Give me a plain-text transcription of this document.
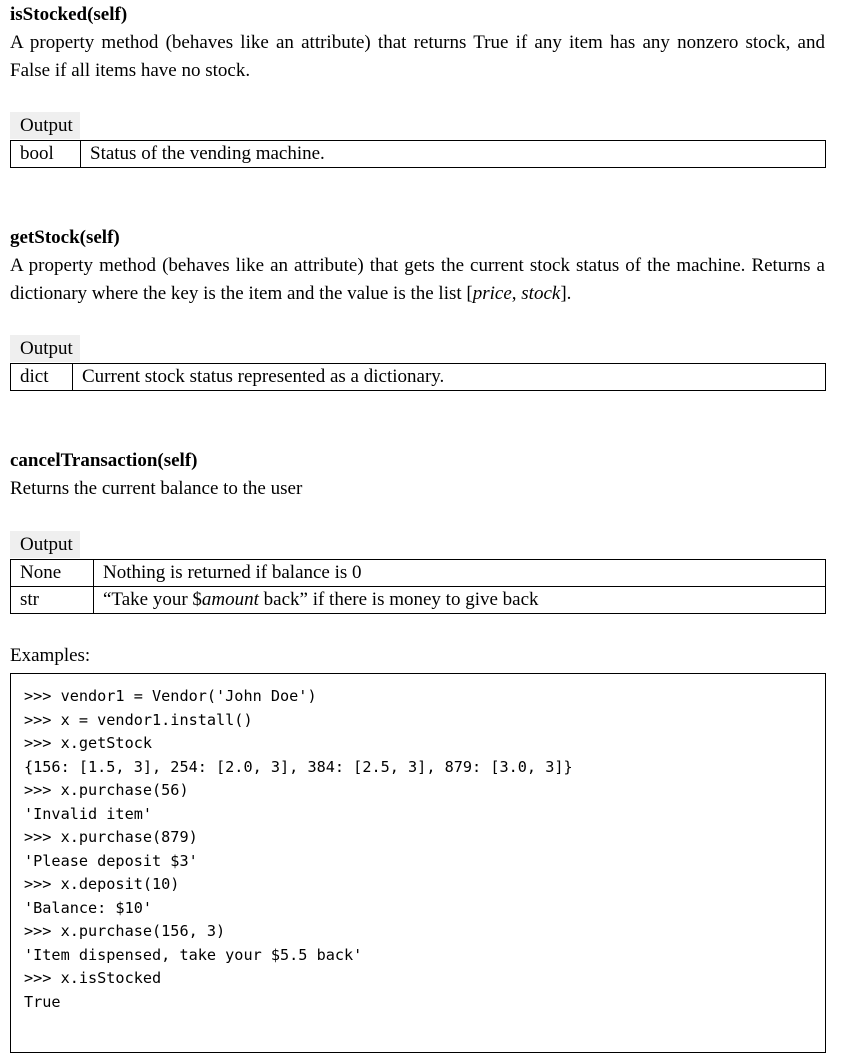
isStocked(self)
A property method (behaves like an attribute) that returns True if any item has any nonzero stock, and False if all items have no stock.
Output
bool	Status of the vending machine.
getStock(self)
A property method (behaves like an attribute) that gets the current stock status of the machine. Returns a dictionary where the key is the item and the value is the list [price, stock].
Output
dict	Current stock status represented as a dictionary.
cancelTransaction(self)
Returns the current balance to the user
Output
None	Nothing is returned if balance is 0
str	“Take your $amount back” if there is money to give back
Examples:
>>> vendor1 = Vendor('John Doe')
>>> x = vendor1.install()
>>> x.getStock
{156: [1.5, 3], 254: [2.0, 3], 384: [2.5, 3], 879: [3.0, 3]}
>>> x.purchase(56)
'Invalid item'
>>> x.purchase(879)
'Please deposit $3'
>>> x.deposit(10)
'Balance: $10'
>>> x.purchase(156, 3)
'Item dispensed, take your $5.5 back'
>>> x.isStocked
True
